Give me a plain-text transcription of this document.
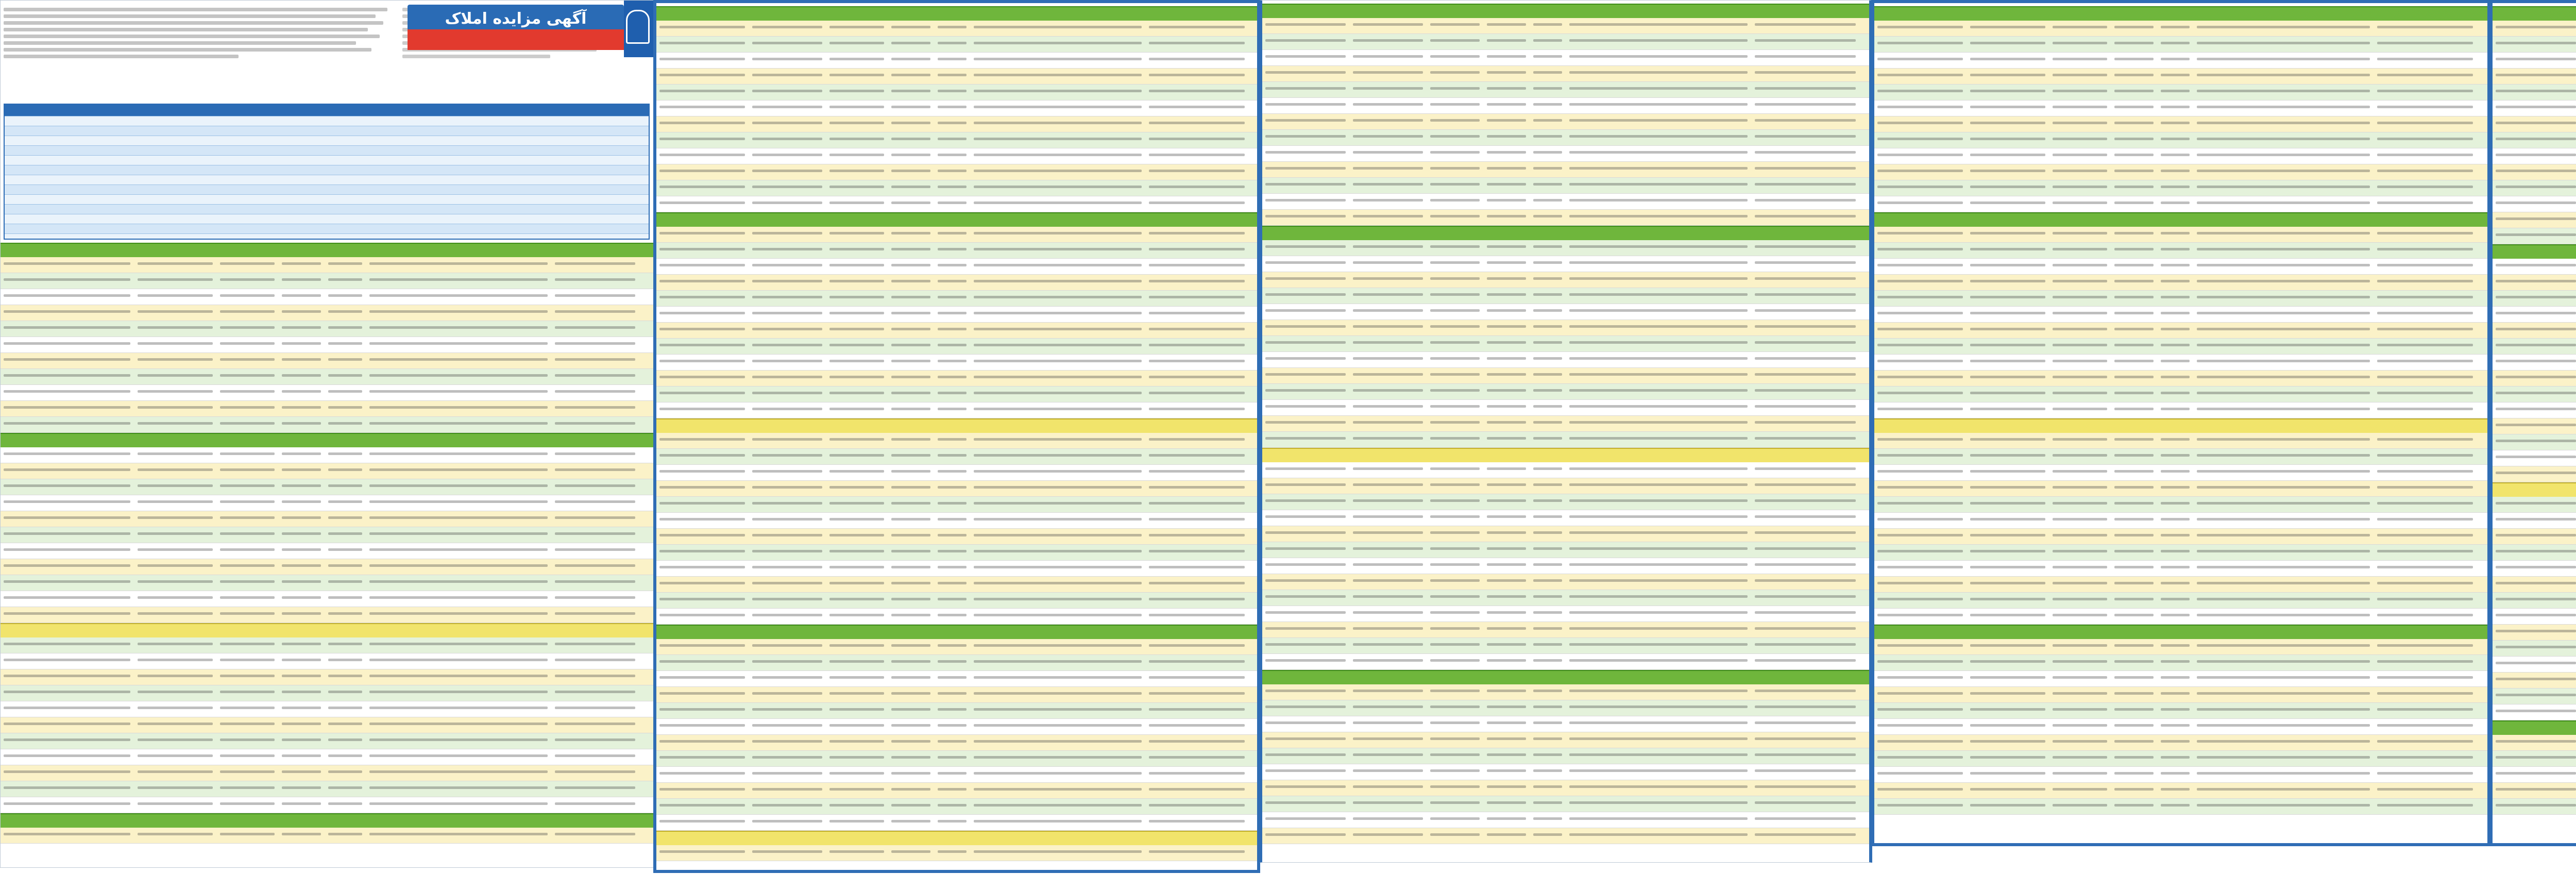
آگهی مزایده املاک
